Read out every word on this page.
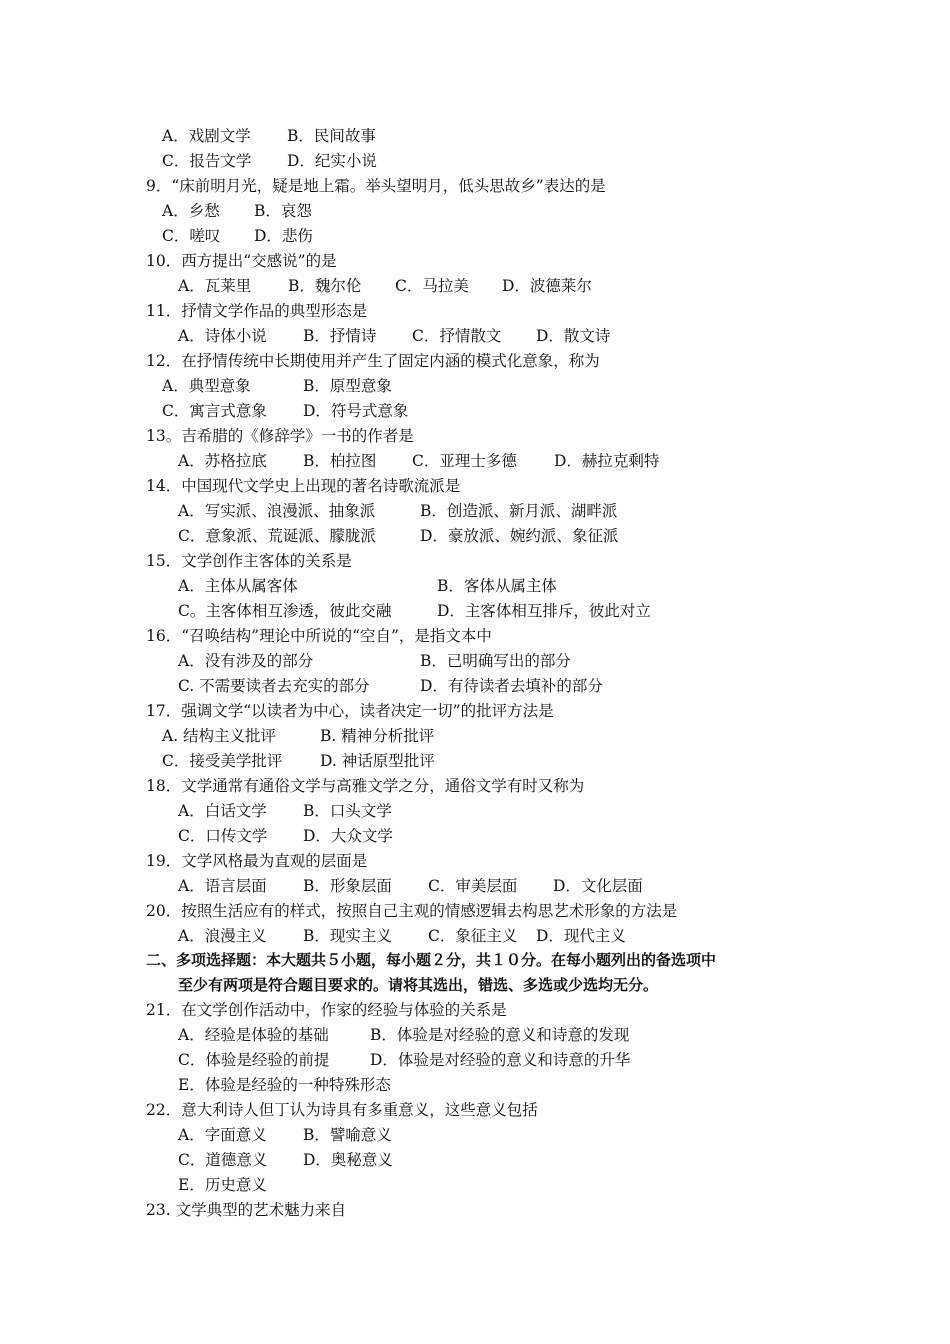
A．戏剧文学

B．民间故事

C．报告文学

D．纪实小说

9．“床前明月光，疑是地上霜。举头望明月，低头思故乡”表达的是

A．乡愁

B．哀怨

C．嗟叹

D．悲伤

10．西方提出“交感说”的是

A．瓦莱里

B．魏尔伦

C．马拉美

D．波德莱尔

11．抒情文学作品的典型形态是

A．诗体小说

B．抒情诗

C．抒情散文

D．散文诗

12．在抒情传统中长期使用并产生了固定内涵的模式化意象，称为

A．典型意象

	B．原型意象

C．寓言式意象

D．符号式意象

13。吉希腊的《修辞学》一书的作者是

A．苏格拉底

B．柏拉图

C．亚理士多德

D．赫拉克剩特

14．中国现代文学史上出现的著名诗歌流派是

A．写实派、浪漫派、抽象派

	B．创造派、新月派、湖畔派

C．意象派、荒诞派、朦胧派

	D．豪放派、婉约派、象征派

15．文学创作主客体的关系是

A．主体从属客体

	B．客体从属主体

C。主客体相互渗透，彼此交融

	D．主客体相互排斥，彼此对立

16．“召唤结构”理论中所说的“空自”，是指文本中

A．没有涉及的部分

	B．已明确写出的部分

C. 不需要读者去充实的部分

	D．有待读者去填补的部分

17．强调文学“以读者为中心，读者决定一切”的批评方法是

A. 结构主义批评

	B. 精神分析批评

C．接受美学批评

D. 神话原型批评

18．文学通常有通俗文学与高雅文学之分，通俗文学有时又称为

A．白话文学

B．口头文学

C．口传文学

D．大众文学

19．文学风格最为直观的层面是

A．语言层面

B．形象层面

C．审美层面

D．文化层面

20．按照生活应有的样式，按照自己主观的情感逻辑去构思艺术形象的方法是

A．浪漫主义

B．现实主义

C．象征主义

D．现代主义

二、多项选择题：本大题共５小题，每小题２分，共１０分。在每小题列出的备选项中
至少有两项是符合题目要求的。请将其选出，错选、多选或少选均无分。
21．在文学创作活动中，作家的经验与体验的关系是

A．经验是体验的基础

	B．体验是对经验的意义和诗意的发现

C．体验是经验的前提

	D．体验是对经验的意义和诗意的升华

E．体验是经验的一种特殊形态
22．意大利诗人但丁认为诗具有多重意义，这些意义包括

A．字面意义

B．譬喻意义

C．道德意义

D．奥秘意义

E．历史意义
23. 文学典型的艺术魅力来自
